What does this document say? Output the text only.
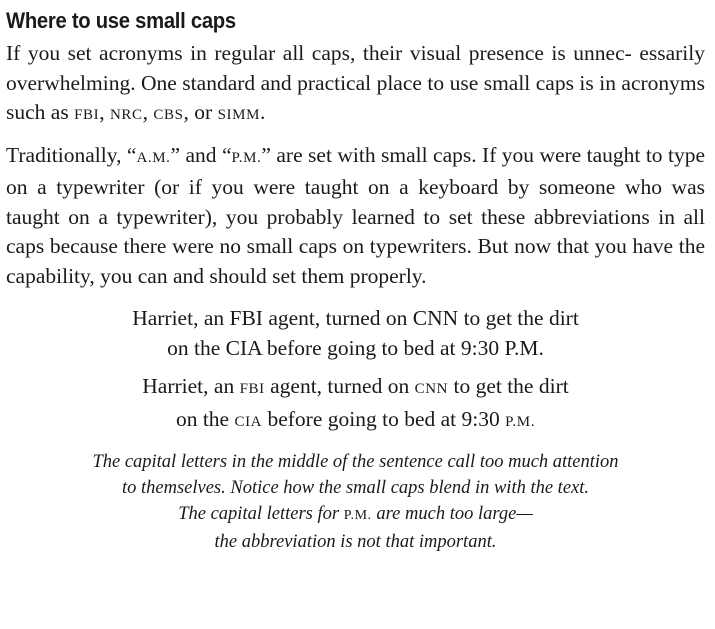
Where to use small caps

If you set acronyms in regular all caps, their visual presence is unnec- essarily overwhelming. One standard and practical place to use small caps is in acronyms such as FBI, NRC, CBS, or SIMM.

Traditionally, “A.M.” and “P.M.” are set with small caps. If you were taught to type on a typewriter (or if you were taught on a keyboard by someone who was taught on a typewriter), you probably learned to set these abbreviations in all caps because there were no small caps on typewriters. But now that you have the capability, you can and should set them properly.

Harriet, an FBI agent, turned on CNN to get the dirt
on the CIA before going to bed at 9:30 P.M.
Harriet, an FBI agent, turned on CNN to get the dirt
on the CIA before going to bed at 9:30 P.M.
The capital letters in the middle of the sentence call too much attention
to themselves. Notice how the small caps blend in with the text.
The capital letters for P.M. are much too large—
the abbreviation is not that important.
